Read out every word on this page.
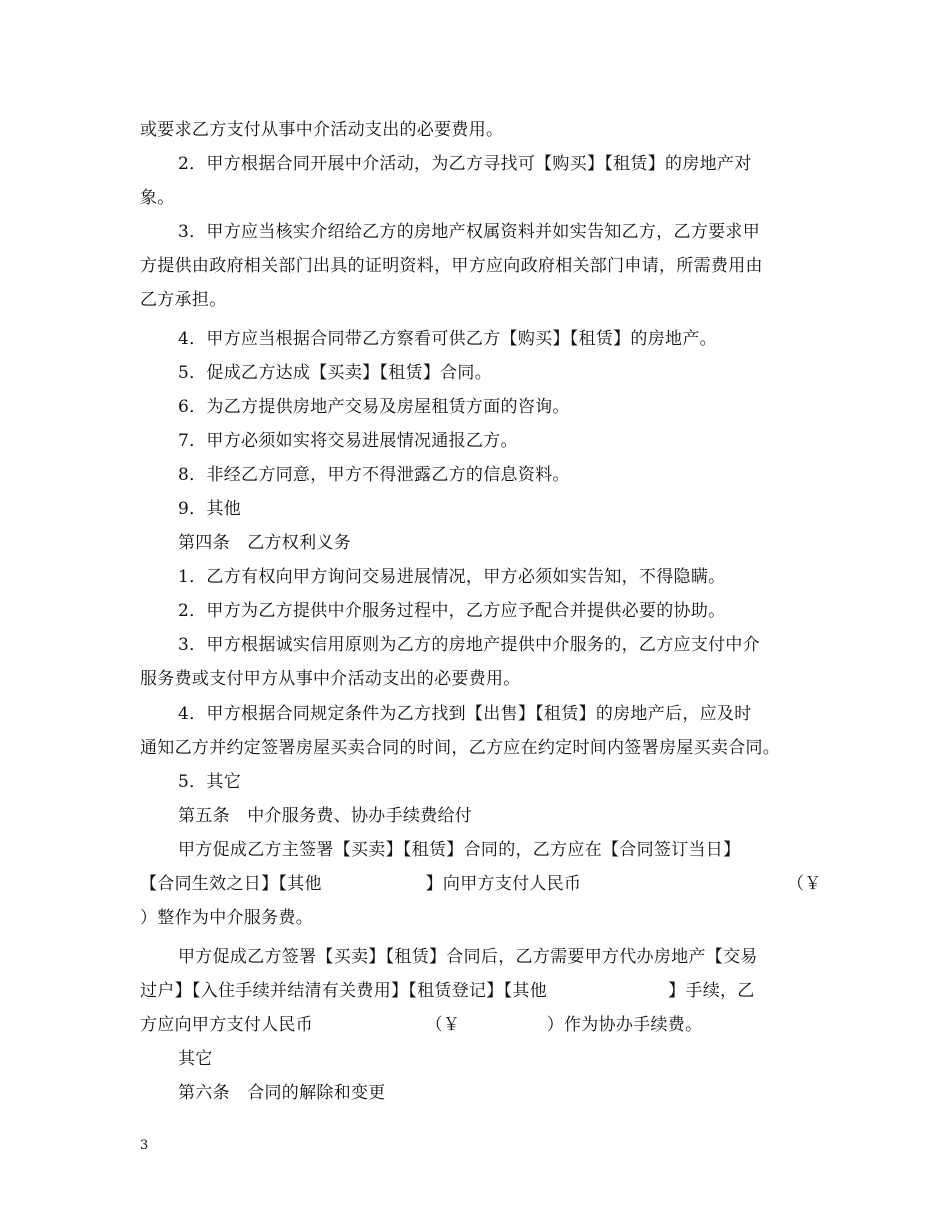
或要求乙方支付从事中介活动支出的必要费用。
2．甲方根据合同开展中介活动，为乙方寻找可【购买】【租赁】的房地产对
象。
3．甲方应当核实介绍给乙方的房地产权属资料并如实告知乙方，乙方要求甲
方提供由政府相关部门出具的证明资料，甲方应向政府相关部门申请，所需费用由
乙方承担。
4．甲方应当根据合同带乙方察看可供乙方【购买】【租赁】的房地产。
5．促成乙方达成【买卖】【租赁】合同。
6．为乙方提供房地产交易及房屋租赁方面的咨询。
7．甲方必须如实将交易进展情况通报乙方。
8．非经乙方同意，甲方不得泄露乙方的信息资料。
9．其他
第四条　乙方权利义务
1．乙方有权向甲方询问交易进展情况，甲方必须如实告知，不得隐瞒。
2．甲方为乙方提供中介服务过程中，乙方应予配合并提供必要的协助。
3．甲方根据诚实信用原则为乙方的房地产提供中介服务的，乙方应支付中介
服务费或支付甲方从事中介活动支出的必要费用。
4．甲方根据合同规定条件为乙方找到【出售】【租赁】的房地产后，应及时
通知乙方并约定签署房屋买卖合同的时间，乙方应在约定时间内签署房屋买卖合同。
5．其它
第五条　中介服务费、协办手续费给付
甲方促成乙方主签署【买卖】【租赁】合同的，乙方应在【合同签订当日】
【合同生效之日】【其他　　　　　　】向甲方支付人民币	（￥
）整作为中介服务费。
甲方促成乙方签署【买卖】【租赁】合同后，乙方需要甲方代办房地产【交易
过户】【入住手续并结清有关费用】【租赁登记】【其他　　　　　　　】手续，乙
方应向甲方支付人民币　　　　　　　（￥　　　　　）作为协办手续费。
其它
第六条　合同的解除和变更
3
